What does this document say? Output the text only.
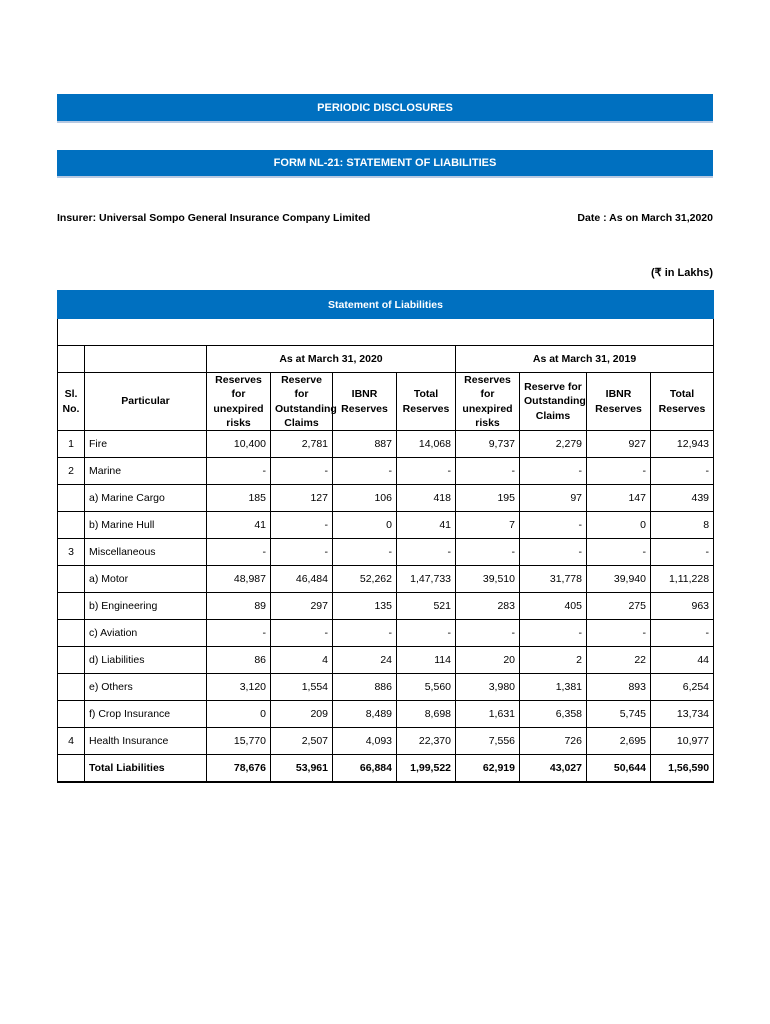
PERIODIC DISCLOSURES
FORM NL-21: STATEMENT OF LIABILITIES
Insurer: Universal Sompo General Insurance Company Limited	Date : As on March 31,2020
(₹ in Lakhs)
Statement of Liabilities									

		As at March 31, 2020				As at March 31, 2019			
Sl. No.	Particular	Reserves for unexpired risks	Reserve for Outstanding Claims	IBNR Reserves	Total Reserves	Reserves for unexpired risks	Reserve for Outstanding Claims	IBNR Reserves	Total Reserves
1	Fire	10,400	2,781	887	14,068	9,737	2,279	927	12,943
2	Marine	-	-	-	-	-	-	-	-
	a) Marine Cargo	185	127	106	418	195	97	147	439
	b) Marine Hull	41	-	0	41	7	-	0	8
3	Miscellaneous	-	-	-	-	-	-	-	-
	a) Motor	48,987	46,484	52,262	1,47,733	39,510	31,778	39,940	1,11,228
	b) Engineering	89	297	135	521	283	405	275	963
	c) Aviation	-	-	-	-	-	-	-	-
	d) Liabilities	86	4	24	114	20	2	22	44
	e) Others	3,120	1,554	886	5,560	3,980	1,381	893	6,254
	f) Crop Insurance	0	209	8,489	8,698	1,631	6,358	5,745	13,734
4	Health Insurance	15,770	2,507	4,093	22,370	7,556	726	2,695	10,977
	Total Liabilities	78,676	53,961	66,884	1,99,522	62,919	43,027	50,644	1,56,590
